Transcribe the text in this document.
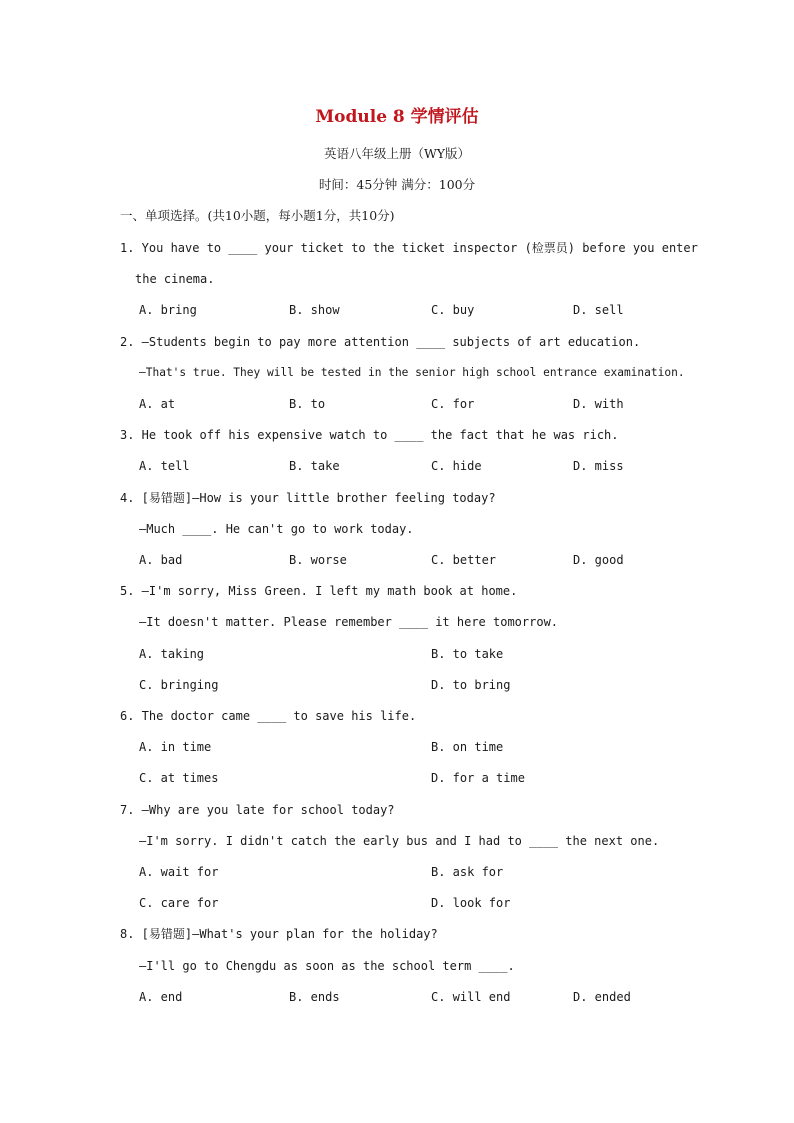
Module 8 学情评估
英语八年级上册（WY版）
时间：45分钟 满分：100分
一、单项选择。(共10小题，每小题1分，共10分)
1. You have to ____ your ticket to the ticket inspector (检票员) before you enter
the cinema.
A. bring	B. show	C. buy	D. sell
2. —Students begin to pay more attention ____ subjects of art education.
—That's true. They will be tested in the senior high school entrance examination.
A. at	B. to	C. for	D. with
3. He took off his expensive watch to ____ the fact that he was rich.
A. tell	B. take	C. hide	D. miss
4. [易错题]—How is your little brother feeling today?
—Much ____. He can't go to work today.
A. bad	B. worse	C. better	D. good
5. —I'm sorry, Miss Green. I left my math book at home.
—It doesn't matter. Please remember ____ it here tomorrow.
A. taking	B. to take
C. bringing	D. to bring
6. The doctor came ____ to save his life.
A. in time	B. on time
C. at times	D. for a time
7. —Why are you late for school today?
—I'm sorry. I didn't catch the early bus and I had to ____ the next one.
A. wait for	B. ask for
C. care for	D. look for
8. [易错题]—What's your plan for the holiday?
—I'll go to Chengdu as soon as the school term ____.
A. end	B. ends	C. will end	D. ended
